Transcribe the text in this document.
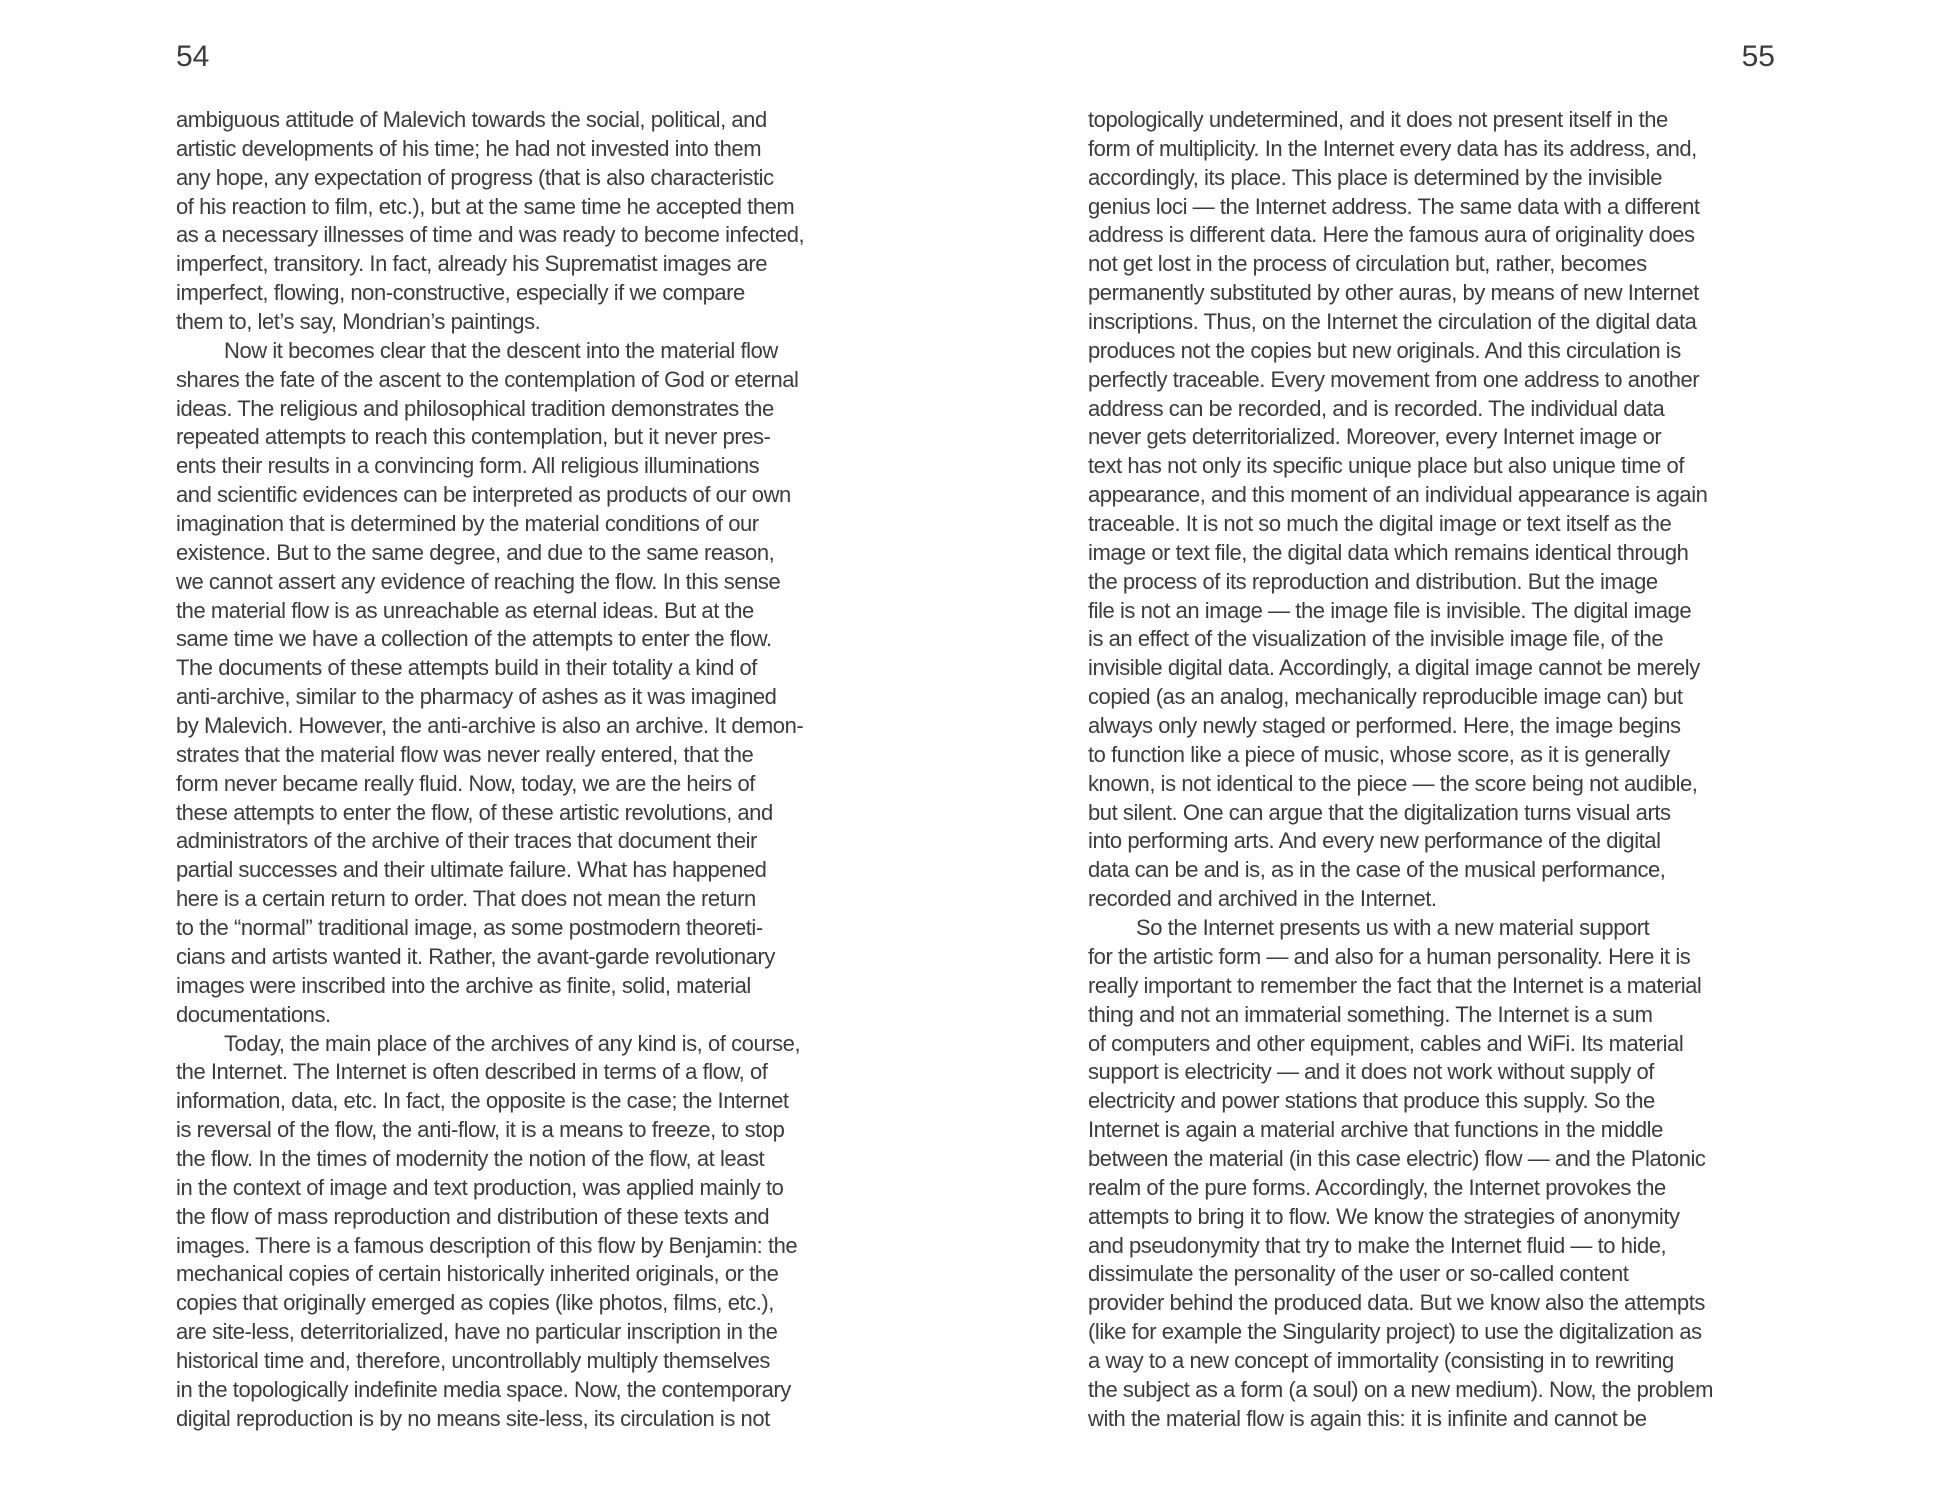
54	55
ambiguous attitude of Malevich towards the social, political, and
artistic developments of his time; he had not invested into them
any hope, any expectation of progress (that is also characteristic
of his reaction to film, etc.), but at the same time he accepted them
as a necessary illnesses of time and was ready to become infected,
imperfect, transitory. In fact, already his Suprematist images are
imperfect, flowing, non-constructive, especially if we compare
them to, let’s say, Mondrian’s paintings.
Now it becomes clear that the descent into the material flow
shares the fate of the ascent to the contemplation of God or eternal
ideas. The religious and philosophical tradition demonstrates the
repeated attempts to reach this contemplation, but it never pres-
ents their results in a convincing form. All religious illuminations
and scientific evidences can be interpreted as products of our own
imagination that is determined by the material conditions of our
existence. But to the same degree, and due to the same reason,
we cannot assert any evidence of reaching the flow. In this sense
the material flow is as unreachable as eternal ideas. But at the
same time we have a collection of the attempts to enter the flow.
The documents of these attempts build in their totality a kind of
anti-archive, similar to the pharmacy of ashes as it was imagined
by Malevich. However, the anti-archive is also an archive. It demon-
strates that the material flow was never really entered, that the
form never became really fluid. Now, today, we are the heirs of
these attempts to enter the flow, of these artistic revolutions, and
administrators of the archive of their traces that document their
partial successes and their ultimate failure. What has happened
here is a certain return to order. That does not mean the return
to the “normal” traditional image, as some postmodern theoreti-
cians and artists wanted it. Rather, the avant-garde revolutionary
images were inscribed into the archive as finite, solid, material
documentations.
Today, the main place of the archives of any kind is, of course,
the Internet. The Internet is often described in terms of a flow, of
information, data, etc. In fact, the opposite is the case; the Internet
is reversal of the flow, the anti-flow, it is a means to freeze, to stop
the flow. In the times of modernity the notion of the flow, at least
in the context of image and text production, was applied mainly to
the flow of mass reproduction and distribution of these texts and
images. There is a famous description of this flow by Benjamin: the
mechanical copies of certain historically inherited originals, or the
copies that originally emerged as copies (like photos, films, etc.),
are site-less, deterritorialized, have no particular inscription in the
historical time and, therefore, uncontrollably multiply themselves
in the topologically indefinite media space. Now, the contemporary
digital reproduction is by no means site-less, its circulation is not
topologically undetermined, and it does not present itself in the
form of multiplicity. In the Internet every data has its address, and,
accordingly, its place. This place is determined by the invisible
genius loci — the Internet address. The same data with a different
address is different data. Here the famous aura of originality does
not get lost in the process of circulation but, rather, becomes
permanently substituted by other auras, by means of new Internet
inscriptions. Thus, on the Internet the circulation of the digital data
produces not the copies but new originals. And this circulation is
perfectly traceable. Every movement from one address to another
address can be recorded, and is recorded. The individual data
never gets deterritorialized. Moreover, every Internet image or
text has not only its specific unique place but also unique time of
appearance, and this moment of an individual appearance is again
traceable. It is not so much the digital image or text itself as the
image or text file, the digital data which remains identical through
the process of its reproduction and distribution. But the image
file is not an image — the image file is invisible. The digital image
is an effect of the visualization of the invisible image file, of the
invisible digital data. Accordingly, a digital image cannot be merely
copied (as an analog, mechanically reproducible image can) but
always only newly staged or performed. Here, the image begins
to function like a piece of music, whose score, as it is generally
known, is not identical to the piece — the score being not audible,
but silent. One can argue that the digitalization turns visual arts
into performing arts. And every new performance of the digital
data can be and is, as in the case of the musical performance,
recorded and archived in the Internet.
So the Internet presents us with a new material support
for the artistic form — and also for a human personality. Here it is
really important to remember the fact that the Internet is a material
thing and not an immaterial something. The Internet is a sum
of computers and other equipment, cables and WiFi. Its material
support is electricity — and it does not work without supply of
electricity and power stations that produce this supply. So the
Internet is again a material archive that functions in the middle
between the material (in this case electric) flow — and the Platonic
realm of the pure forms. Accordingly, the Internet provokes the
attempts to bring it to flow. We know the strategies of anonymity
and pseudonymity that try to make the Internet fluid — to hide,
dissimulate the personality of the user or so-called content
provider behind the produced data. But we know also the attempts
(like for example the Singularity project) to use the digitalization as
a way to a new concept of immortality (consisting in to rewriting
the subject as a form (a soul) on a new medium). Now, the problem
with the material flow is again this: it is infinite and cannot be
